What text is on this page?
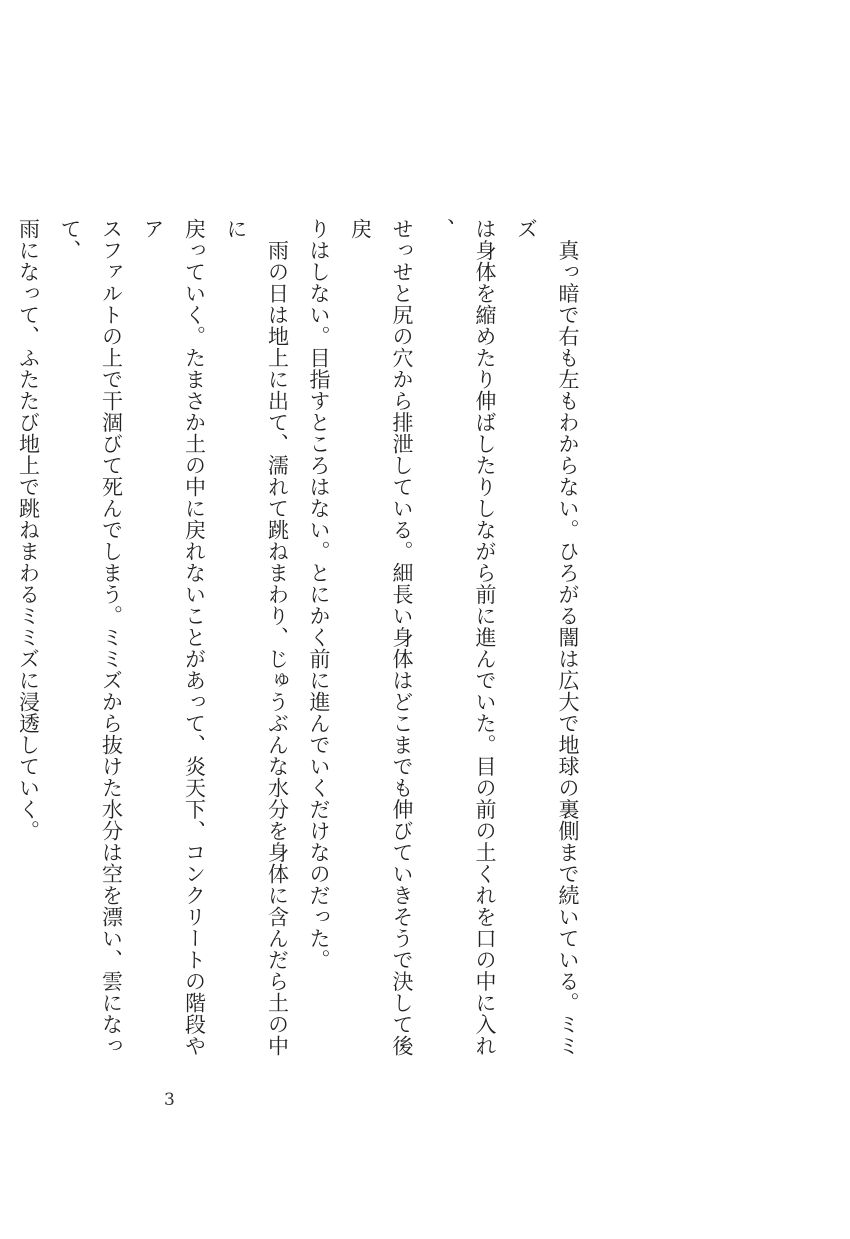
　真っ暗で右も左もわからない。ひろがる闇は広大で地球の裏側まで続いている。ミミズ
は身体を縮めたり伸ばしたりしながら前に進んでいた。目の前の土くれを口の中に入れ、
せっせと尻の穴から排泄している。細長い身体はどこまでも伸びていきそうで決して後戻
りはしない。目指すところはない。とにかく前に進んでいくだけなのだった。
　雨の日は地上に出て、濡れて跳ねまわり、じゅうぶんな水分を身体に含んだら土の中に
戻っていく。たまさか土の中に戻れないことがあって、炎天下、コンクリートの階段やア
スファルトの上で干涸びて死んでしまう。ミミズから抜けた水分は空を漂い、雲になって、
雨になって、ふたたび地上で跳ねまわるミミズに浸透していく。
3
